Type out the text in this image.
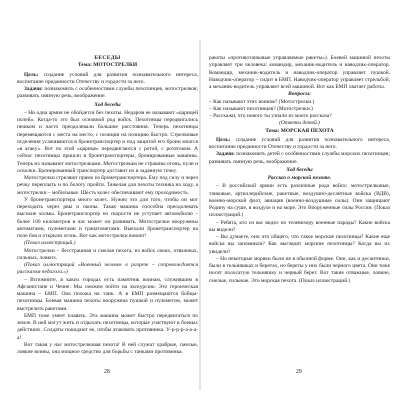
БЕСЕДЫ

Тема: МОТОСТРЕЛКИ

Цель: создание условий для развития познавательного интереса, воспитание преданности Отечеству и гордости за него.

Задачи: познакомить с особенностями службы пехотинцев, мотострелков; развивать связную речь, воображение.

Ход беседы

– Ни одна армия не обойдется без пехоты. Недаром ее называют «царицей полей». Когда-то это был основной род войск. Пехотинцы передвигались пешком и часто преодолевали большие расстояния. Теперь пехотинцы перемещаются с места на место, с позиции на позицию быстро. Стрелковые отделения усаживаются в бронетранспортер и под защитой его брони мчатся «в атаку». Вот по этой «царице» передвигаются с ротой, с ротатоком. А сейчас пехотинцы пришли в бронетранспортеры, бронированные машины. Теперь их называют мотострелками. Мотострелкам не страшны огонь, пули и осколки. Бронированный транспортер доставит их в заданную точку.

Мотострелки стреляют прямо из бронетранспортера. Ему под силу и через речку переплыть и по болоту пройти. Тяжелая для пехоты техника на ходу, а мотострелки – мобильные. Шесть колес обеспечивают ему проходимость.

У бронетранспортера много колес. Нужно это для того, чтобы он мог переходить через рвы и окопы. Такая машина способна преодолевать высокие холмы. Бронетранспортер по скорости не уступает автомобилю – более 100 километров в час может он развивать. Мотострелки вооружены автоматами, пулеметами и гранатометами. Выехали бронетранспортер на поле боя и открыли огонь. Вот как мотострелки воюют!

(Показ иллюстраций.)

Мотострелки – бесстрашная и смелая пехота, из войск своих, отважных, сильных, ловких.

(Показ иллюстраций «Военный человек в разрезе – сопровождается рассказом педагога.»)

– Вспомните, в каких городах есть памятник воинам, служившим в Афганистане и Чечне. Мы сможем пойти на экскурсию. Это героическая машина – БМП. Она похожа на танк. А в БМП размещаются бойцы-пехотинцы. Боевая машина пехоты вооружена пушкой и пулеметом, может выстрелить ракетами.

БМП тоже умеет плавать. Эта машина может быстро передвигаться по земле. В ней могут жить и отдыхать пехотинцы, которые участвуют в боевых действиях. Солдаты покидают ее, чтобы атаковать противника. У-р-р-р-а-а-а-а!

Вот такая у нас мотострелковая пехота! В ней служат храбрые, смелые, ловкие воины, она мощное средство для борьбы с танками противника.

ракеты «противотанковые управляемые ракеты»). Боевой машиной пехоты управляет три человека: командир, механик-водитель и наводчик-оператор. Командир, механик-водитель и наводчик-оператор управляет пушкой. Наводчик-оператор – сидит в БМП. Наводчик-оператор управляет стрельбой, а механик-водитель управляет всей машиной. Вот как БМП хватает работы.

Вопросы:

– Как называют этих воинов? (Мотострелки.)

– Как называют пехотинцев? (Мотострелки.)

– Расскажи, что нового ты узнали из моего рассказа?

(Ответы детей.)

Тема: МОРСКАЯ ПЕХОТА

Цель: создание условий для развития познавательного интереса, воспитание преданности Отечеству и гордости за него.

Задачи: познакомить детей с особенностями службы морских пехотинцев; развивать связную речь, воображение.

Ход беседы

Рассказ о морской пехоте.

– В российской армии есть различные рода войск: мотострелковые, танковые, артиллерийские, ракетные, воздушно-десантные войска (ВДВ), военно-морской флот, авиация (военно-воздушные силы). Они защищают Родину на суше, в воздухе и на море. Это Вооруженные силы России. (Показ иллюстраций.)

– Ребята, кто из вас видел по телевизору военные парады? Какие войска вы видели?

– Вы думаете, они что общего, что такое морские пехотинцы? Какие еще войска вы запомнили? Как выглядят морские пехотинцы? Когда вы их увидели?

– Но некоторые моряки были не в обычной форме. Они, как и десантники, были в тельняшках и беретах, но береты у них были черного цвета. Они тоже носят полосатую тельняшку и черный берет. Вот такие отважные, ловкие, смелые, сильные. Это морская пехота. (Показ иллюстраций.)

28	29
